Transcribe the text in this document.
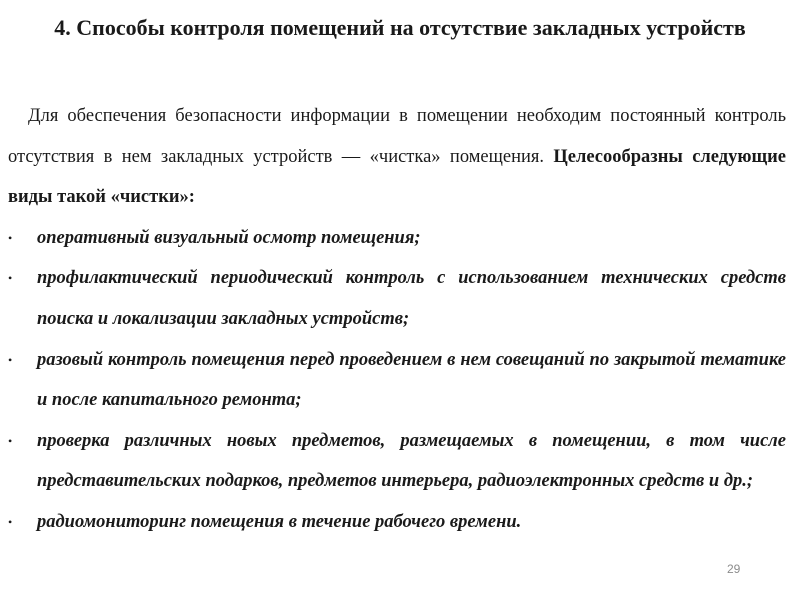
4. Способы контроля помещений на отсутствие закладных устройств

Для обеспечения безопасности информации в помещении необходим постоянный контроль отсутствия в нем закладных устройств — «чистка» помещения. Целесообразны следующие виды такой «чистки»:

•	оперативный визуальный осмотр помещения;
•	профилактический периодический контроль с использованием технических средств поиска и локализации закладных устройств;
•	разовый контроль помещения перед проведением в нем совещаний по закрытой тематике и после капитального ремонта;
•	проверка различных новых предметов, размещаемых в помещении, в том числе представительских подарков, предметов интерьера, радиоэлектронных средств и др.;
•	радиомониторинг помещения в течение рабочего времени.
29
